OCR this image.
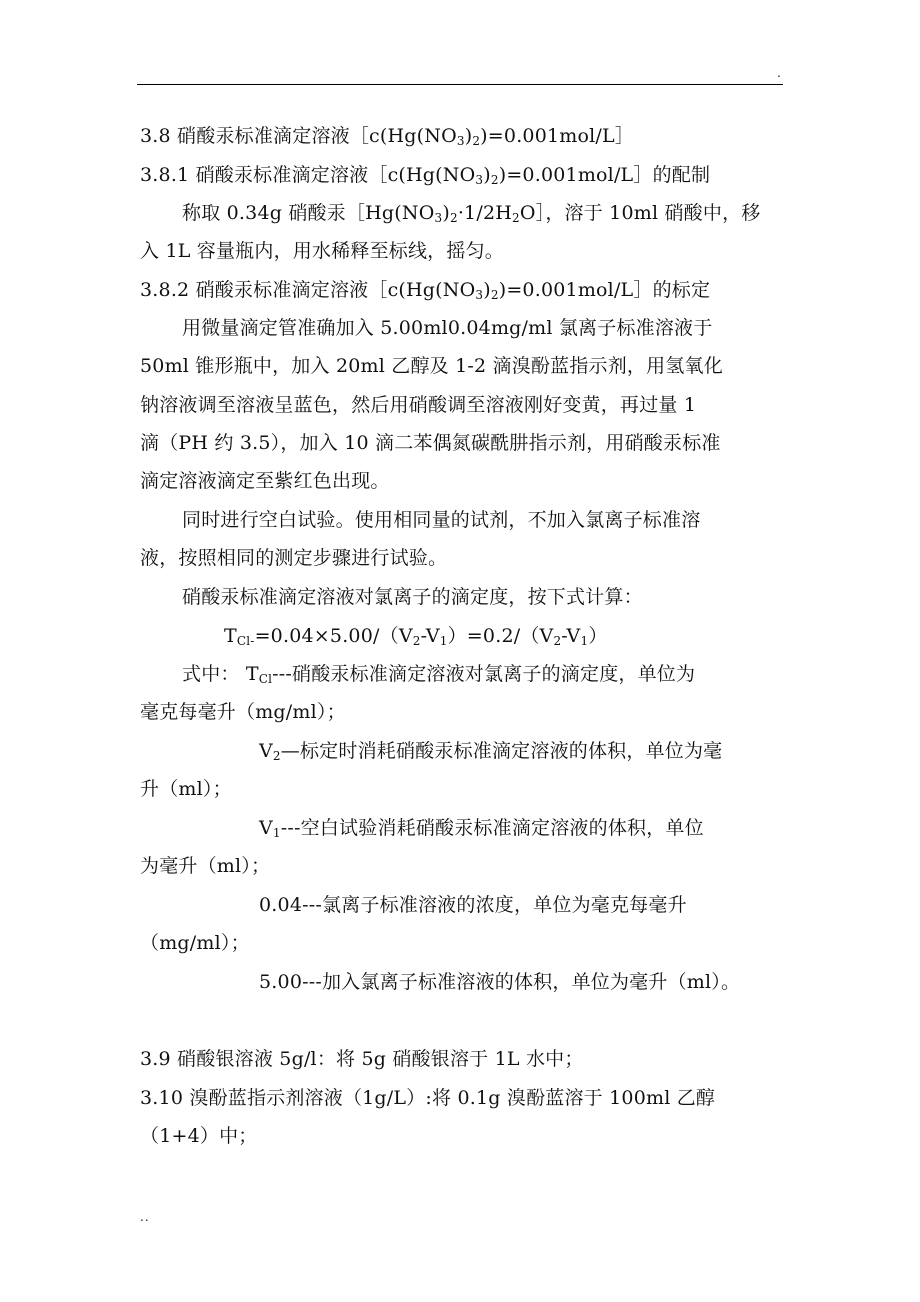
.
3.8 硝酸汞标准滴定溶液$[c(Hg(NO_3)_2)=0.001mol/L]$
3.8.1 硝酸汞标准滴定溶液$[c(Hg(NO_3)_2)=0.001mol/L]$的配制
称取 0.34g 硝酸汞$[Hg(NO_3)_2\cdot 1/2H_2O]$，溶于 10ml 硝酸中，移
入 1L 容量瓶内，用水稀释至标线，摇匀。
3.8.2 硝酸汞标准滴定溶液$[c(Hg(NO_3)_2)=0.001mol/L]$的标定
用微量滴定管准确加入 5.00ml0.04mg/ml 氯离子标准溶液于
50ml 锥形瓶中，加入 20ml 乙醇及 1-2 滴溴酚蓝指示剂，用氢氧化
钠溶液调至溶液呈蓝色，然后用硝酸调至溶液刚好变黄，再过量 1
滴（PH 约 3.5），加入 10 滴二苯偶氮碳酰肼指示剂，用硝酸汞标准
滴定溶液滴定至紫红色出现。
同时进行空白试验。使用相同量的试剂，不加入氯离子标准溶
液，按照相同的测定步骤进行试验。
硝酸汞标准滴定溶液对氯离子的滴定度，按下式计算：
$T_{Cl-}=0.04\times 5.00/(V_2-V_1)=0.2/(V_2-V_1)$
式中： $T_{Cl}---$硝酸汞标准滴定溶液对氯离子的滴定度，单位为
毫克每毫升（mg/ml）；
$V_2—$标定时消耗硝酸汞标准滴定溶液的体积，单位为毫
升（ml）；
$V_1---$空白试验消耗硝酸汞标准滴定溶液的体积，单位
为毫升（ml）；
0.04---氯离子标准溶液的浓度，单位为毫克每毫升
（mg/ml）；
5.00---加入氯离子标准溶液的体积，单位为毫升（ml）。
3.9 硝酸银溶液 5g/l：将 5g 硝酸银溶于 1L 水中；
3.10 溴酚蓝指示剂溶液（1g/L）:将 0.1g 溴酚蓝溶于 100ml 乙醇
（1+4）中；
..
